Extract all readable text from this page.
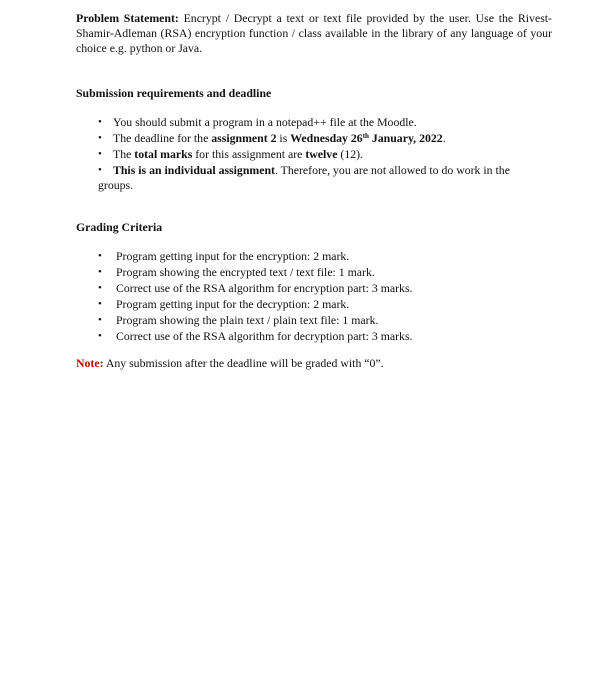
Problem Statement: Encrypt / Decrypt a text or text file provided by the user. Use the Rivest-Shamir-Adleman (RSA) encryption function / class available in the library of any language of your choice e.g. python or Java.
Submission requirements and deadline
• You should submit a program in a notepad++ file at the Moodle.
• The deadline for the assignment 2 is Wednesday 26th January, 2022.
• The total marks for this assignment are twelve (12).
• This is an individual assignment. Therefore, you are not allowed to do work in the
groups.
Grading Criteria
• Program getting input for the encryption: 2 mark.
• Program showing the encrypted text / text file: 1 mark.
• Correct use of the RSA algorithm for encryption part: 3 marks.
• Program getting input for the decryption: 2 mark.
• Program showing the plain text / plain text file: 1 mark.
• Correct use of the RSA algorithm for decryption part: 3 marks.
Note: Any submission after the deadline will be graded with “0”.
